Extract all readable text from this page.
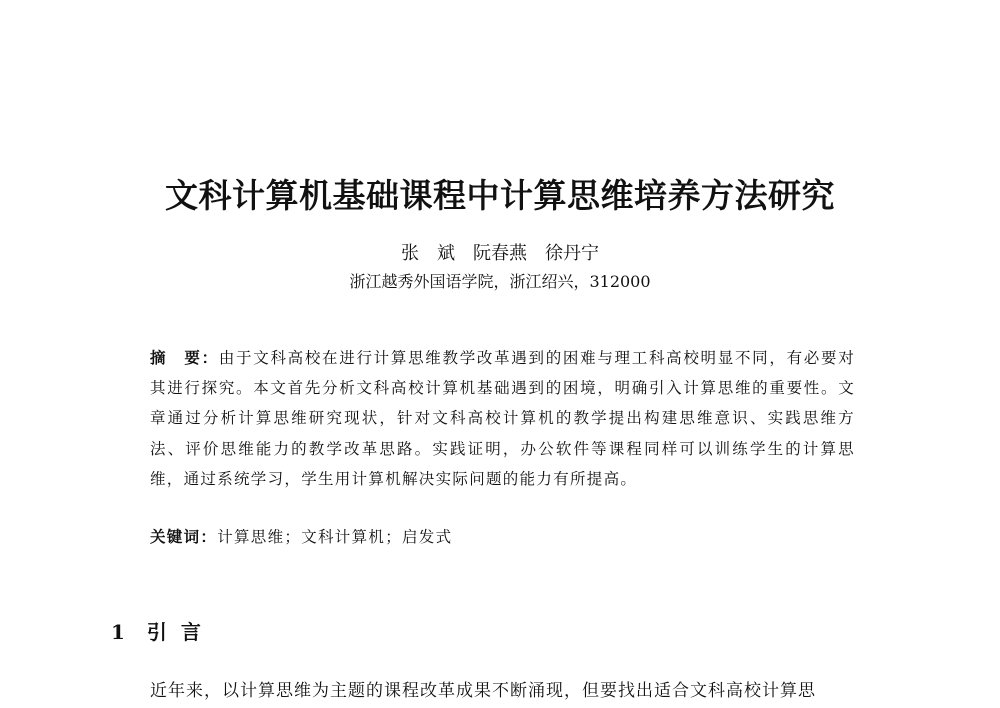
文科计算机基础课程中计算思维培养方法研究
张　斌　阮春燕　徐丹宁
浙江越秀外国语学院，浙江绍兴，312000
摘　要：由于文科高校在进行计算思维教学改革遇到的困难与理工科高校明显不同，有必要对其进行探究。本文首先分析文科高校计算机基础遇到的困境，明确引入计算思维的重要性。文章通过分析计算思维研究现状，针对文科高校计算机的教学提出构建思维意识、实践思维方法、评价思维能力的教学改革思路。实践证明，办公软件等课程同样可以训练学生的计算思维，通过系统学习，学生用计算机解决实际问题的能力有所提高。
关键词：计算思维；文科计算机；启发式
1 引言
近年来，以计算思维为主题的课程改革成果不断涌现，但要找出适合文科高校计算思
